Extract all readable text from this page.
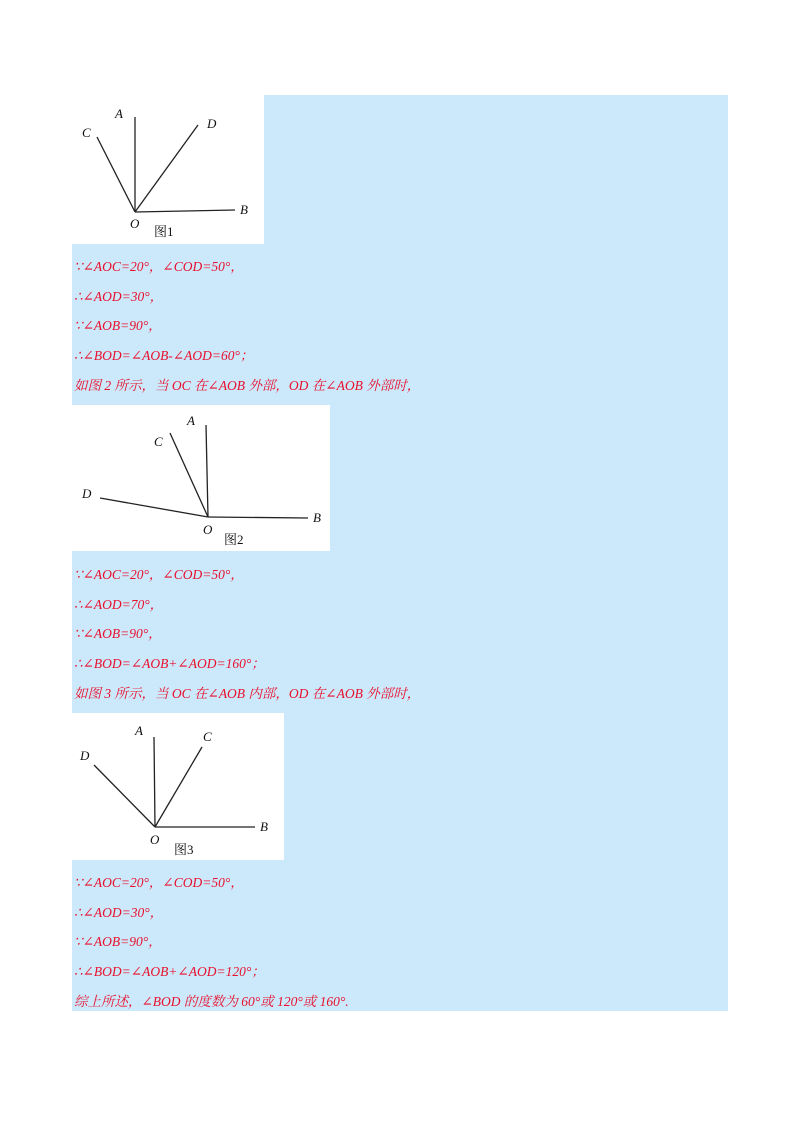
A
C
D
O
B
图1
∵∠AOC=20°，∠COD=50°，
∴∠AOD=30°，
∵∠AOB=90°，
∴∠BOD=∠AOB-∠AOD=60°；
如图 2 所示，当 OC 在∠AOB 外部，OD 在∠AOB 外部时，
A
C
D
O
B
图2
∵∠AOC=20°，∠COD=50°，
∴∠AOD=70°，
∵∠AOB=90°，
∴∠BOD=∠AOB+∠AOD=160°；
如图 3 所示，当 OC 在∠AOB 内部，OD 在∠AOB 外部时，
A	C
D
O
B
图3
∵∠AOC=20°，∠COD=50°，
∴∠AOD=30°，
∵∠AOB=90°，
∴∠BOD=∠AOB+∠AOD=120°；
综上所述，∠BOD 的度数为 60°或 120°或 160°.
